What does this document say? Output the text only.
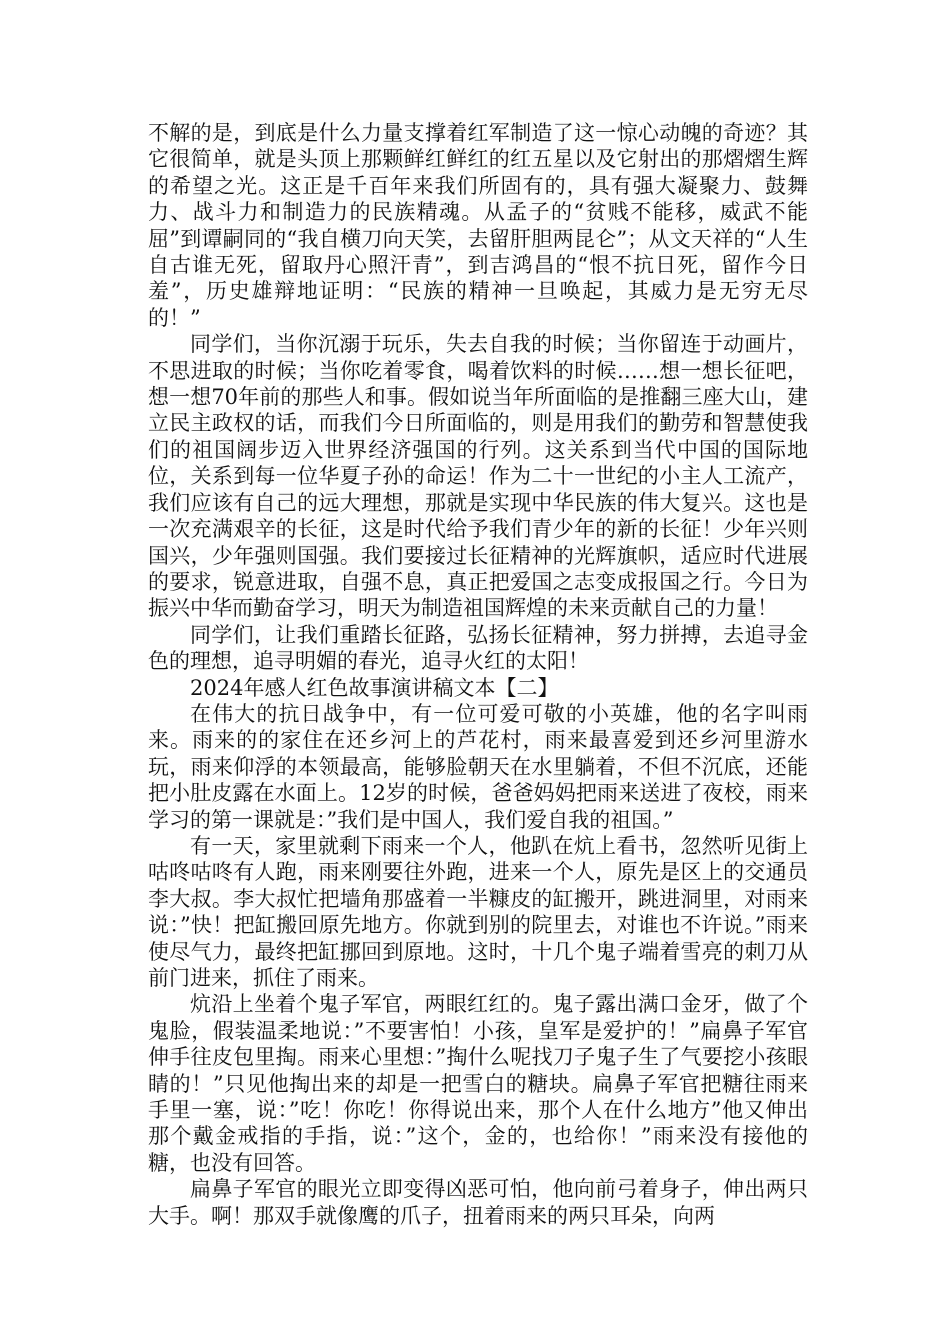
不解的是，到底是什么力量支撑着红军制造了这一惊心动魄的奇迹？其它很简单，就是头顶上那颗鲜红鲜红的红五星以及它射出的那熠熠生辉的希望之光。这正是千百年来我们所固有的，具有强大凝聚力、鼓舞力、战斗力和制造力的民族精魂。从孟子的“贫贱不能移，威武不能屈”到谭嗣同的“我自横刀向天笑，去留肝胆两昆仑”；从文天祥的“人生自古谁无死，留取丹心照汗青”，到吉鸿昌的“恨不抗日死，留作今日羞”，历史雄辩地证明：“民族的精神一旦唤起，其威力是无穷无尽的！”

同学们，当你沉溺于玩乐，失去自我的时候；当你留连于动画片，不思进取的时候；当你吃着零食，喝着饮料的时候……想一想长征吧，想一想70年前的那些人和事。假如说当年所面临的是推翻三座大山，建立民主政权的话，而我们今日所面临的，则是用我们的勤劳和智慧使我们的祖国阔步迈入世界经济强国的行列。这关系到当代中国的国际地位，关系到每一位华夏子孙的命运！作为二十一世纪的小主人工流产，我们应该有自己的远大理想，那就是实现中华民族的伟大复兴。这也是一次充满艰辛的长征，这是时代给予我们青少年的新的长征！少年兴则国兴，少年强则国强。我们要接过长征精神的光辉旗帜，适应时代进展的要求，锐意进取，自强不息，真正把爱国之志变成报国之行。今日为振兴中华而勤奋学习，明天为制造祖国辉煌的未来贡献自己的力量！

同学们，让我们重踏长征路，弘扬长征精神，努力拼搏，去追寻金色的理想，追寻明媚的春光，追寻火红的太阳！

2024年感人红色故事演讲稿文本【二】

在伟大的抗日战争中，有一位可爱可敬的小英雄，他的名字叫雨来。雨来的的家住在还乡河上的芦花村，雨来最喜爱到还乡河里游水玩，雨来仰浮的本领最高，能够脸朝天在水里躺着，不但不沉底，还能把小肚皮露在水面上。12岁的时候，爸爸妈妈把雨来送进了夜校，雨来学习的第一课就是：”我们是中国人，我们爱自我的祖国。”

有一天，家里就剩下雨来一个人，他趴在炕上看书，忽然听见街上咕咚咕咚有人跑，雨来刚要往外跑，进来一个人，原先是区上的交通员李大叔。李大叔忙把墙角那盛着一半糠皮的缸搬开，跳进洞里，对雨来说：”快！把缸搬回原先地方。你就到别的院里去，对谁也不许说。”雨来使尽气力，最终把缸挪回到原地。这时，十几个鬼子端着雪亮的刺刀从前门进来，抓住了雨来。

炕沿上坐着个鬼子军官，两眼红红的。鬼子露出满口金牙，做了个鬼脸，假装温柔地说：”不要害怕！小孩，皇军是爱护的！”扁鼻子军官伸手往皮包里掏。雨来心里想：”掏什么呢找刀子鬼子生了气要挖小孩眼睛的！”只见他掏出来的却是一把雪白的糖块。扁鼻子军官把糖往雨来手里一塞，说：”吃！你吃！你得说出来，那个人在什么地方”他又伸出那个戴金戒指的手指，说：”这个，金的，也给你！”雨来没有接他的糖，也没有回答。

扁鼻子军官的眼光立即变得凶恶可怕，他向前弓着身子，伸出两只大手。啊！那双手就像鹰的爪子，扭着雨来的两只耳朵，向两
